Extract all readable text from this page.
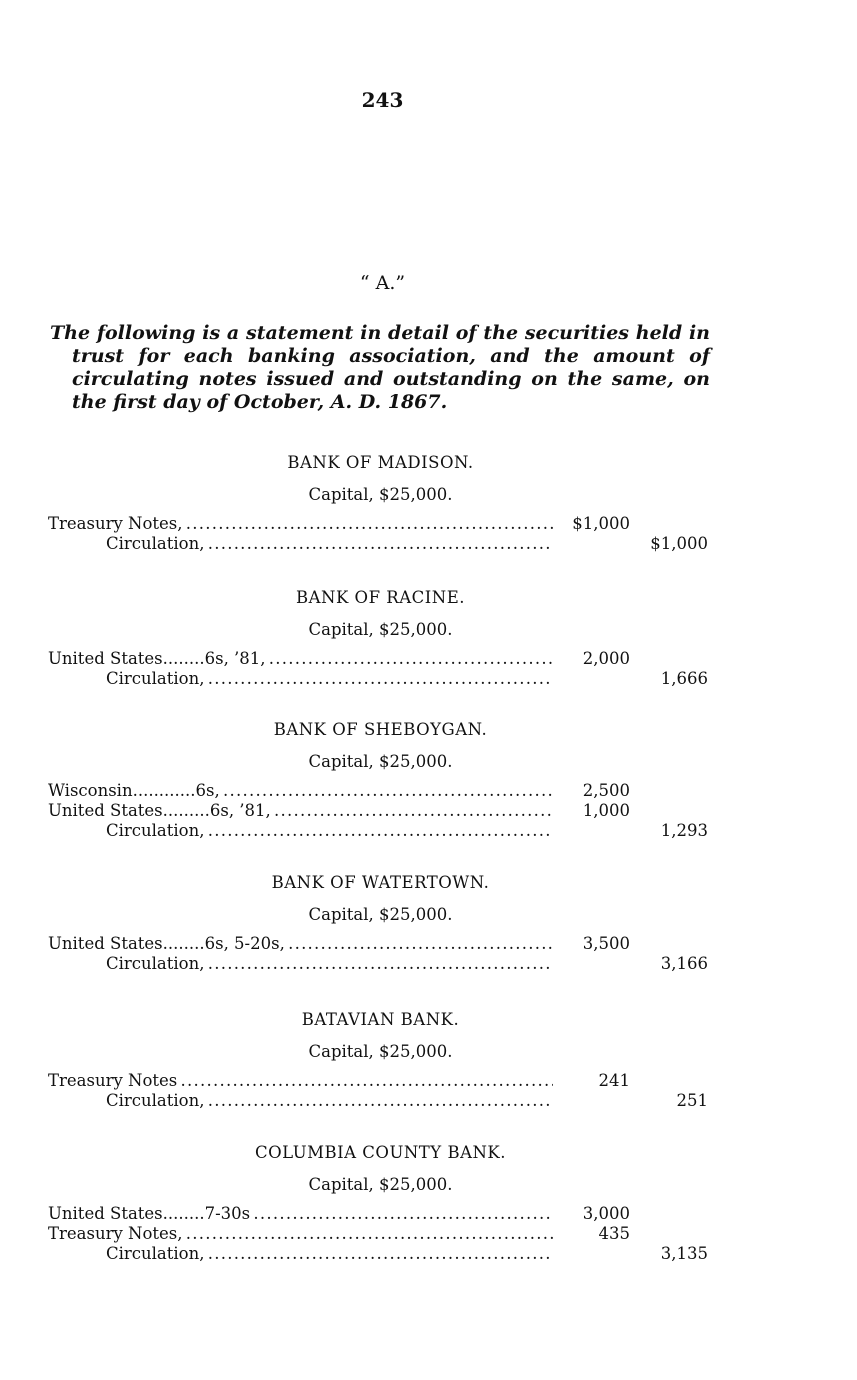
243
“ A.”
The following is a statement in detail of the securities held in trust for each banking association, and the amount of circulating notes issued and outstanding on the same, on the first day of October, A. D. 1867.
BANK OF MADISON.
Capital, $25,000.
Treasury Notes, . . .	$1,000
Circulation, . . .	$1,000
BANK OF RACINE.
Capital, $25,000.
United States........6s, ’81, . . .	2,000
Circulation, . . .	1,666
BANK OF SHEBOYGAN.
Capital, $25,000.
Wisconsin............6s, . . .	2,500
United States.........6s, ’81, . . .	1,000
Circulation, . . .	1,293
BANK OF WATERTOWN.
Capital, $25,000.
United States........6s, 5-20s, . . .	3,500
Circulation, . . .	3,166
BATAVIAN BANK.
Capital, $25,000.
Treasury Notes . . .	241
Circulation, . . .	251
COLUMBIA COUNTY BANK.
Capital, $25,000.
United States........7-30s . . .	3,000
Treasury Notes, . . .	435
Circulation, . . .	3,135
